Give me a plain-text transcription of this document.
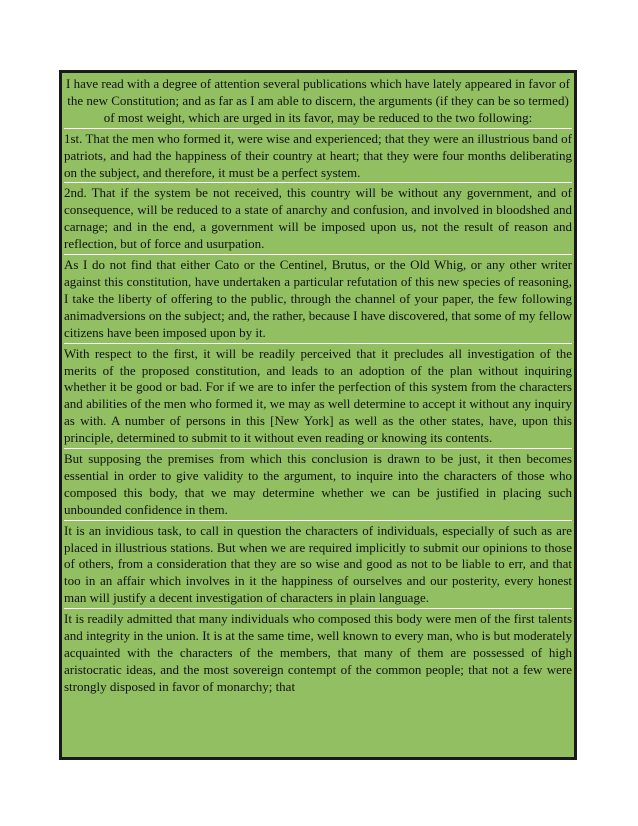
I have read with a degree of attention several publications which have lately appeared in favor of the new Constitution; and as far as I am able to discern, the arguments (if they can be so termed) of most weight, which are urged in its favor, may be reduced to the two following:

1st. That the men who formed it, were wise and experienced; that they were an illustrious band of patriots, and had the happiness of their country at heart; that they were four months deliberating on the subject, and therefore, it must be a perfect system.

2nd. That if the system be not received, this country will be without any government, and of consequence, will be reduced to a state of anarchy and confusion, and involved in bloodshed and carnage; and in the end, a government will be imposed upon us, not the result of reason and reflection, but of force and usurpation.

As I do not find that either Cato or the Centinel, Brutus, or the Old Whig, or any other writer against this constitution, have undertaken a particular refutation of this new species of reasoning, I take the liberty of offering to the public, through the channel of your paper, the few following animadversions on the subject; and, the rather, because I have discovered, that some of my fellow citizens have been imposed upon by it.

With respect to the first, it will be readily perceived that it precludes all investigation of the merits of the proposed constitution, and leads to an adoption of the plan without inquiring whether it be good or bad. For if we are to infer the perfection of this system from the characters and abilities of the men who formed it, we may as well determine to accept it without any inquiry as with. A number of persons in this [New York] as well as the other states, have, upon this principle, determined to submit to it without even reading or knowing its contents.

But supposing the premises from which this conclusion is drawn to be just, it then becomes essential in order to give validity to the argument, to inquire into the characters of those who composed this body, that we may determine whether we can be justified in placing such unbounded confidence in them.

It is an invidious task, to call in question the characters of individuals, especially of such as are placed in illustrious stations. But when we are required implicitly to submit our opinions to those of others, from a consideration that they are so wise and good as not to be liable to err, and that too in an affair which involves in it the happiness of ourselves and our posterity, every honest man will justify a decent investigation of characters in plain language.

It is readily admitted that many individuals who composed this body were men of the first talents and integrity in the union. It is at the same time, well known to every man, who is but moderately acquainted with the characters of the members, that many of them are possessed of high aristocratic ideas, and the most sovereign contempt of the common people; that not a few were strongly disposed in favor of monarchy; that
